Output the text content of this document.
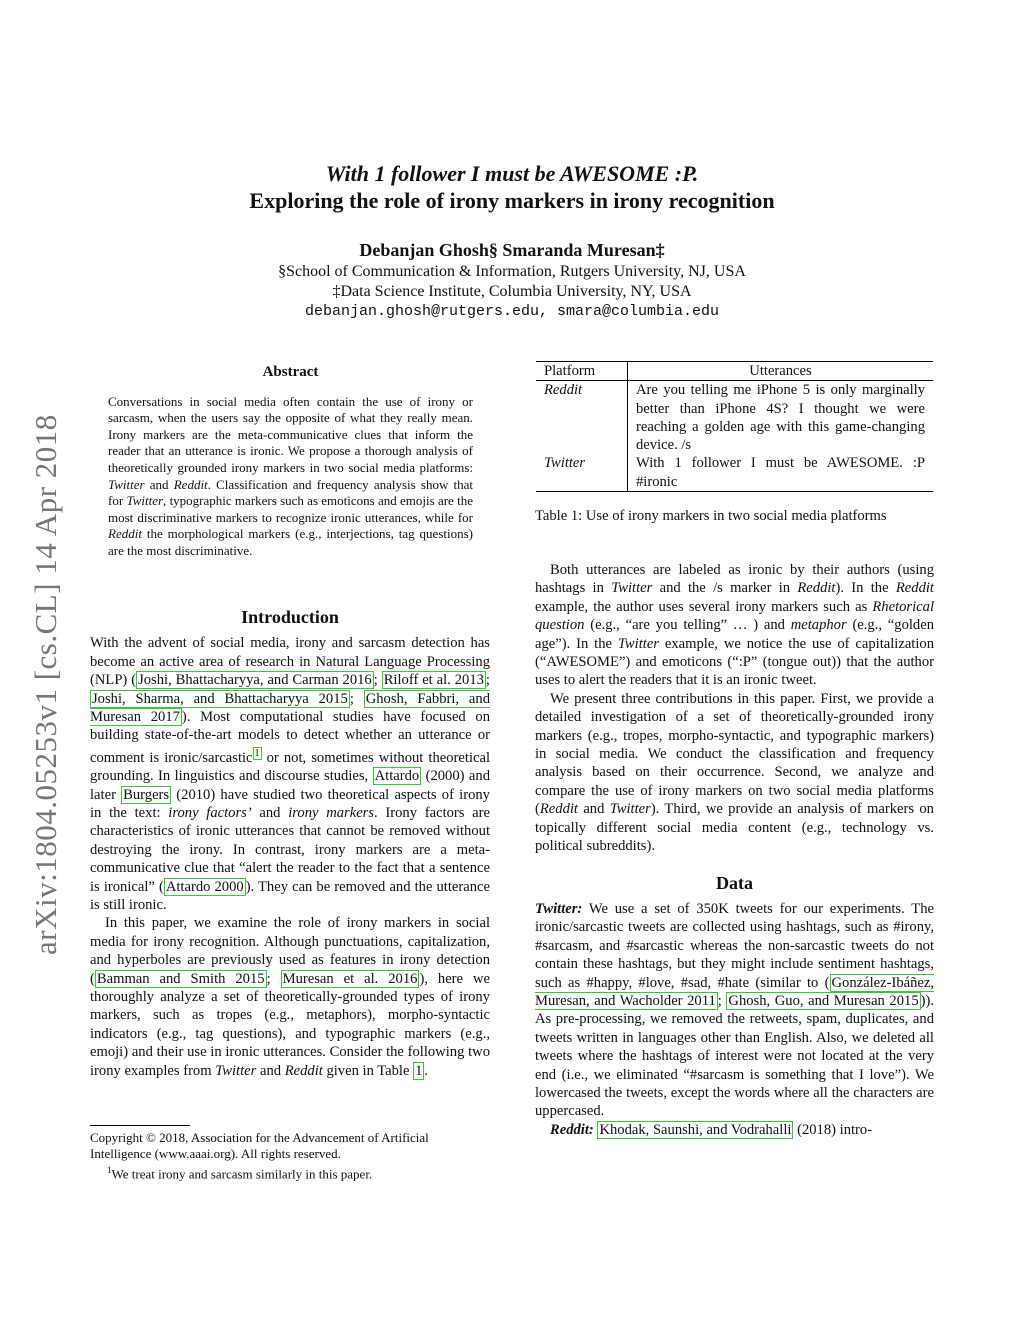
With 1 follower I must be AWESOME :P.
Exploring the role of irony markers in irony recognition
Debanjan Ghosh§ Smaranda Muresan‡
§School of Communication & Information, Rutgers University, NJ, USA
‡Data Science Institute, Columbia University, NY, USA
debanjan.ghosh@rutgers.edu, smara@columbia.edu
arXiv:1804.05253v1 [cs.CL] 14 Apr 2018
Abstract
Conversations in social media often contain the use of irony or sarcasm, when the users say the opposite of what they really mean. Irony markers are the meta-communicative clues that inform the reader that an utterance is ironic. We propose a thorough analysis of theoretically grounded irony markers in two social media platforms: Twitter and Reddit. Classification and frequency analysis show that for Twitter, typographic markers such as emoticons and emojis are the most discriminative markers to recognize ironic utterances, while for Reddit the morphological markers (e.g., interjections, tag questions) are the most discriminative.
Introduction

With the advent of social media, irony and sarcasm detection has become an active area of research in Natural Language Processing (NLP) ( Joshi, Bhattacharyya, and Carman 2016 ; Riloff et al. 2013 ; Joshi, Sharma, and Bhattacharyya 2015 ; Ghosh, Fabbri, and Muresan 2017 ). Most computational studies have focused on building state-of-the-art models to detect whether an utterance or comment is ironic/sarcastic $^1$ or not, sometimes without theoretical grounding. In linguistics and discourse studies, Attardo (2000) and later Burgers (2010) have studied two theoretical aspects of irony in the text: irony factors’ and irony markers. Irony factors are characteristics of ironic utterances that cannot be removed without destroying the irony. In contrast, irony markers are a meta-communicative clue that “alert the reader to the fact that a sentence is ironical” ( Attardo 2000 ). They can be removed and the utterance is still ironic.

In this paper, we examine the role of irony markers in social media for irony recognition. Although punctuations, capitalization, and hyperboles are previously used as features in irony detection ( Bamman and Smith 2015 ; Muresan et al. 2016 ), here we thoroughly analyze a set of theoretically-grounded types of irony markers, such as tropes (e.g., metaphors), morpho-syntactic indicators (e.g., tag questions), and typographic markers (e.g., emoji) and their use in ironic utterances. Consider the following two irony examples from Twitter and Reddit given in Table 1 .

Copyright © 2018, Association for the Advancement of Artificial Intelligence (www.aaai.org). All rights reserved.

$^1$We treat irony and sarcasm similarly in this paper.

Platform	Utterances
Reddit	Are you telling me iPhone 5 is only marginally better than iPhone 4S? I thought we were reaching a golden age with this game-changing device. /s
Twitter	With 1 follower I must be AWESOME. :P #ironic
Table 1: Use of irony markers in two social media platforms

Both utterances are labeled as ironic by their authors (using hashtags in Twitter and the /s marker in Reddit). In the Reddit example, the author uses several irony markers such as Rhetorical question (e.g., “are you telling” … ) and metaphor (e.g., “golden age”). In the Twitter example, we notice the use of capitalization (“AWESOME”) and emoticons (“:P” (tongue out)) that the author uses to alert the readers that it is an ironic tweet.

We present three contributions in this paper. First, we provide a detailed investigation of a set of theoretically-grounded irony markers (e.g., tropes, morpho-syntactic, and typographic markers) in social media. We conduct the classification and frequency analysis based on their occurrence. Second, we analyze and compare the use of irony markers on two social media platforms (Reddit and Twitter). Third, we provide an analysis of markers on topically different social media content (e.g., technology vs. political subreddits).

Data

Twitter: We use a set of 350K tweets for our experiments. The ironic/sarcastic tweets are collected using hashtags, such as #irony, #sarcasm, and #sarcastic whereas the non-sarcastic tweets do not contain these hashtags, but they might include sentiment hashtags, such as #happy, #love, #sad, #hate (similar to ( González-Ibáñez, Muresan, and Wacholder 2011 ; Ghosh, Guo, and Muresan 2015 )). As pre-processing, we removed the retweets, spam, duplicates, and tweets written in languages other than English. Also, we deleted all tweets where the hashtags of interest were not located at the very end (i.e., we eliminated “#sarcasm is something that I love”). We lowercased the tweets, except the words where all the characters are uppercased.

Reddit: Khodak, Saunshi, and Vodrahalli (2018) intro-
